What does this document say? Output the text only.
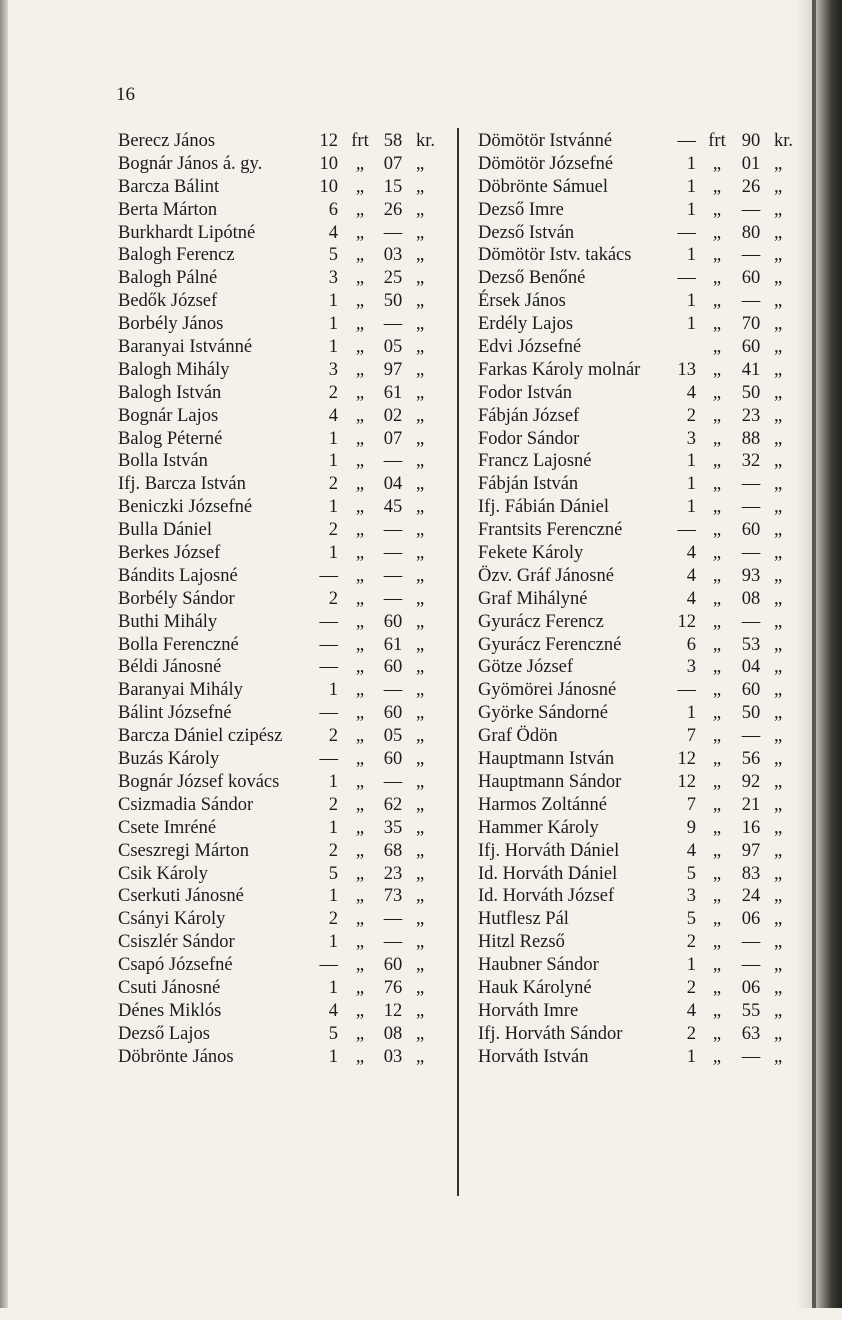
16
Berecz János	12 frt 58 kr.
Bognár János á. gy.	10 „	07 „
Barcza Bálint	10 „	15 „
Berta Márton	6 „	26 „
Burkhardt Lipótné	4 „	— „
Balogh Ferencz	5 „	03 „
Balogh Pálné	3 „	25 „
Bedők József	1 „	50 „
Borbély János	1 „	— „
Baranyai Istvánné	1 „	05 „
Balogh Mihály	3 „	97 „
Balogh István	2 „	61 „
Bognár Lajos	4 „	02 „
Balog Péterné	1 „	07 „
Bolla István	1 „	— „
Ifj. Barcza István	2 „	04 „
Beniczki Józsefné	1 „	45 „
Bulla Dániel	2 „	— „
Berkes József	1 „	— „
Bándits Lajosné	— „	— „
Borbély Sándor	2 „	— „
Buthi Mihály	— „	60 „
Bolla Ferenczné	— „	61 „
Béldi Jánosné	— „	60 „
Baranyai Mihály	1 „	— „
Bálint Józsefné	— „	60 „
Barcza Dániel czipész	2 „	05 „
Buzás Károly	— „	60 „
Bognár József kovács	1 „	— „
Csizmadia Sándor	2 „	62 „
Csete Imréné	1 „	35 „
Cseszregi Márton	2 „	68 „
Csik Károly	5 „	23 „
Cserkuti Jánosné	1 „	73 „
Csányi Károly	2 „	— „
Csiszlér Sándor	1 „	— „
Csapó Józsefné	— „	60 „
Csuti Jánosné	1 „	76 „
Dénes Miklós	4 „	12 „
Dezső Lajos	5 „	08 „
Döbrönte János	1 „	03 „
Dömötör Istvánné	— frt 90 kr.
Dömötör Józsefné	1 „	01 „
Döbrönte Sámuel	1 „	26 „
Dezső Imre	1 „	— „
Dezső István	— „	80 „
Dömötör Istv. takács	1 „	— „
Dezső Benőné	— „	60 „
Érsek János	1 „	— „
Erdély Lajos	1 „	70 „
Edvi Józsefné	„	60 „
Farkas Károly molnár	13 „	41 „
Fodor István	4 „	50 „
Fábján József	2 „	23 „
Fodor Sándor	3 „	88 „
Francz Lajosné	1 „	32 „
Fábján István	1 „	— „
Ifj. Fábián Dániel	1 „	— „
Frantsits Ferenczné	— „	60 „
Fekete Károly	4 „	— „
Özv. Gráf Jánosné	4 „	93 „
Graf Mihályné	4 „	08 „
Gyurácz Ferencz	12 „	— „
Gyurácz Ferenczné	6 „	53 „
Götze József	3 „	04 „
Gyömörei Jánosné	— „	60 „
Györke Sándorné	1 „	50 „
Graf Ödön	7 „	— „
Hauptmann István	12 „	56 „
Hauptmann Sándor	12 „	92 „
Harmos Zoltánné	7 „	21 „
Hammer Károly	9 „	16 „
Ifj. Horváth Dániel	4 „	97 „
Id. Horváth Dániel	5 „	83 „
Id. Horváth József	3 „	24 „
Hutflesz Pál	5 „	06 „
Hitzl Rezső	2 „	— „
Haubner Sándor	1 „	— „
Hauk Károlyné	2 „	06 „
Horváth Imre	4 „	55 „
Ifj. Horváth Sándor	2 „	63 „
Horváth István	1 „	— „
